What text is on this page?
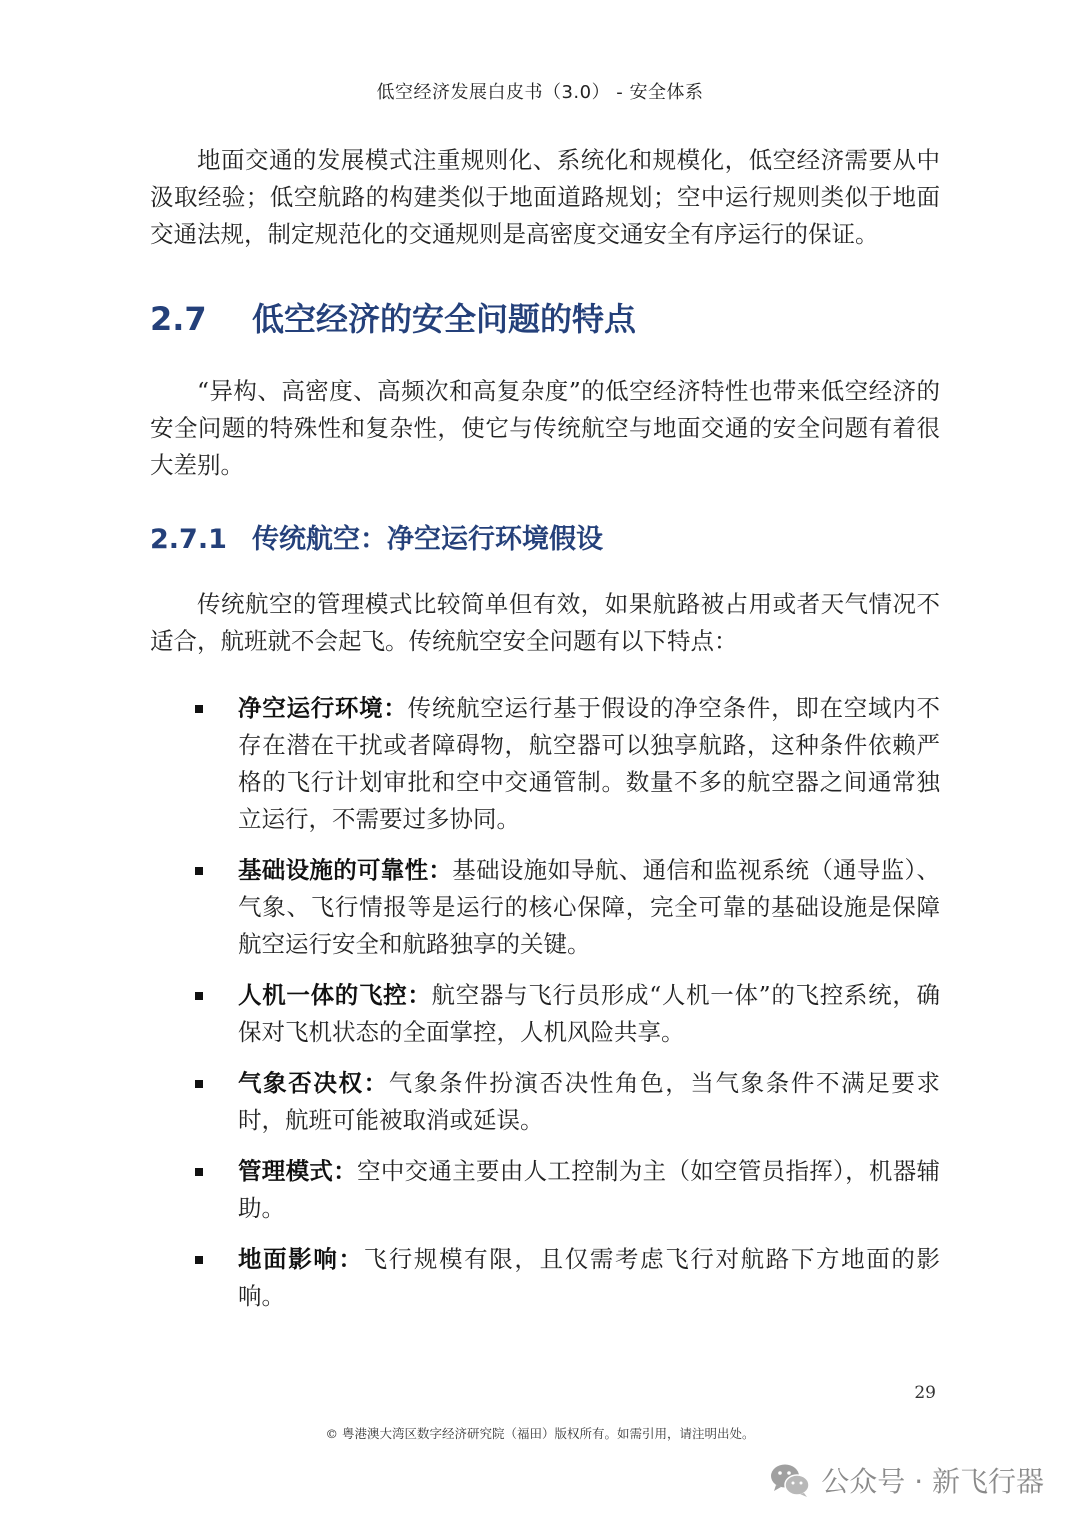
低空经济发展白皮书（3.0） - 安全体系

地面交通的发展模式注重规则化、系统化和规模化，低空经济需要从中汲取经验；低空航路的构建类似于地面道路规划；空中运行规则类似于地面交通法规，制定规范化的交通规则是高密度交通安全有序运行的保证。

2.7	低空经济的安全问题的特点

“异构、高密度、高频次和高复杂度”的低空经济特性也带来低空经济的安全问题的特殊性和复杂性，使它与传统航空与地面交通的安全问题有着很大差别。

2.7.1 传统航空：净空运行环境假设

传统航空的管理模式比较简单但有效，如果航路被占用或者天气情况不适合，航班就不会起飞。传统航空安全问题有以下特点：

净空运行环境：传统航空运行基于假设的净空条件，即在空域内不存在潜在干扰或者障碍物，航空器可以独享航路，这种条件依赖严格的飞行计划审批和空中交通管制。数量不多的航空器之间通常独立运行，不需要过多协同。
基础设施的可靠性：基础设施如导航、通信和监视系统（通导监）、气象、飞行情报等是运行的核心保障，完全可靠的基础设施是保障航空运行安全和航路独享的关键。
人机一体的飞控：航空器与飞行员形成“人机一体”的飞控系统，确保对飞机状态的全面掌控，人机风险共享。
气象否决权：气象条件扮演否决性角色，当气象条件不满足要求时，航班可能被取消或延误。
管理模式：空中交通主要由人工控制为主（如空管员指挥），机器辅助。
地面影响：飞行规模有限，且仅需考虑飞行对航路下方地面的影响。
29
© 粤港澳大湾区数字经济研究院（福田）版权所有。如需引用，请注明出处。
公众号 · 新飞行器
